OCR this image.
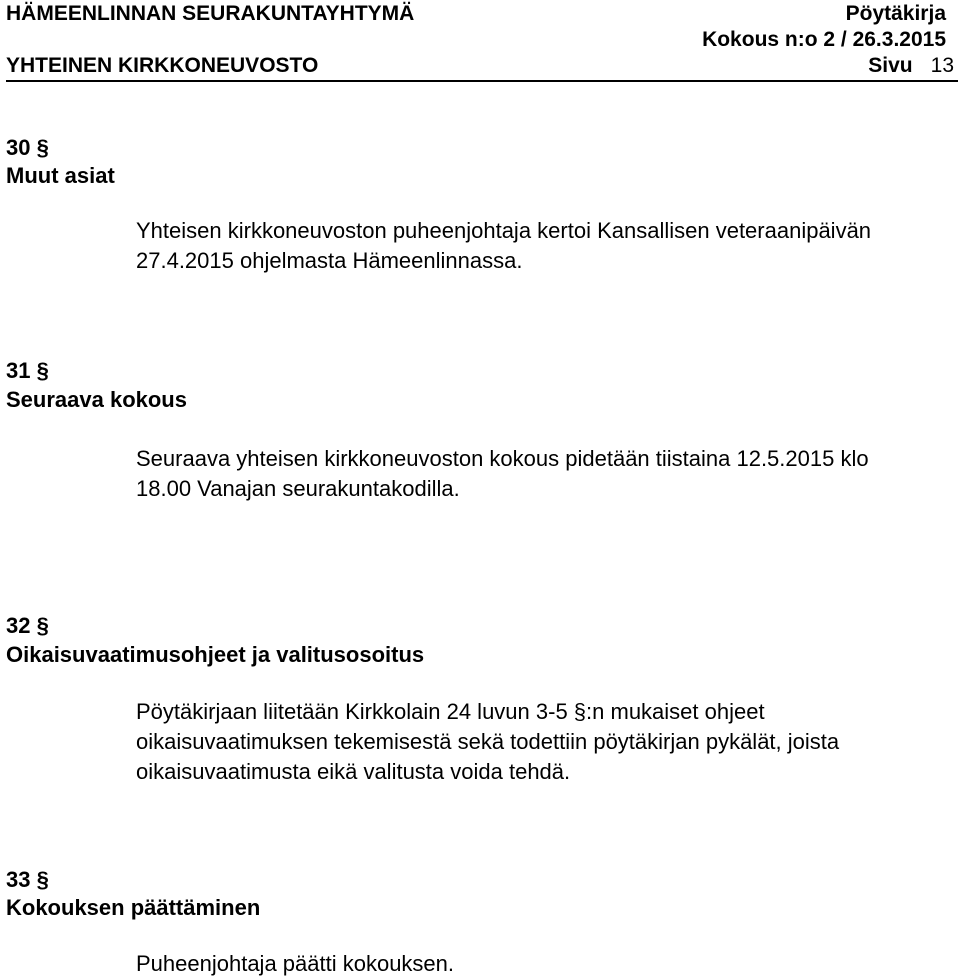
HÄMEENLINNAN SEURAKUNTAYHTYMÄ	Pöytäkirja
Kokous n:o 2 / 26.3.2015
YHTEINEN KIRKKONEUVOSTO	Sivu 13
30 §
Muut asiat
Yhteisen kirkkoneuvoston puheenjohtaja kertoi Kansallisen veteraanipäivän
27.4.2015 ohjelmasta Hämeenlinnassa.
31 §
Seuraava kokous
Seuraava yhteisen kirkkoneuvoston kokous pidetään tiistaina 12.5.2015 klo
18.00 Vanajan seurakuntakodilla.
32 §
Oikaisuvaatimusohjeet ja valitusosoitus
Pöytäkirjaan liitetään Kirkkolain 24 luvun 3-5 §:n mukaiset ohjeet
oikaisuvaatimuksen tekemisestä sekä todettiin pöytäkirjan pykälät, joista
oikaisuvaatimusta eikä valitusta voida tehdä.
33 §
Kokouksen päättäminen
Puheenjohtaja päätti kokouksen.
